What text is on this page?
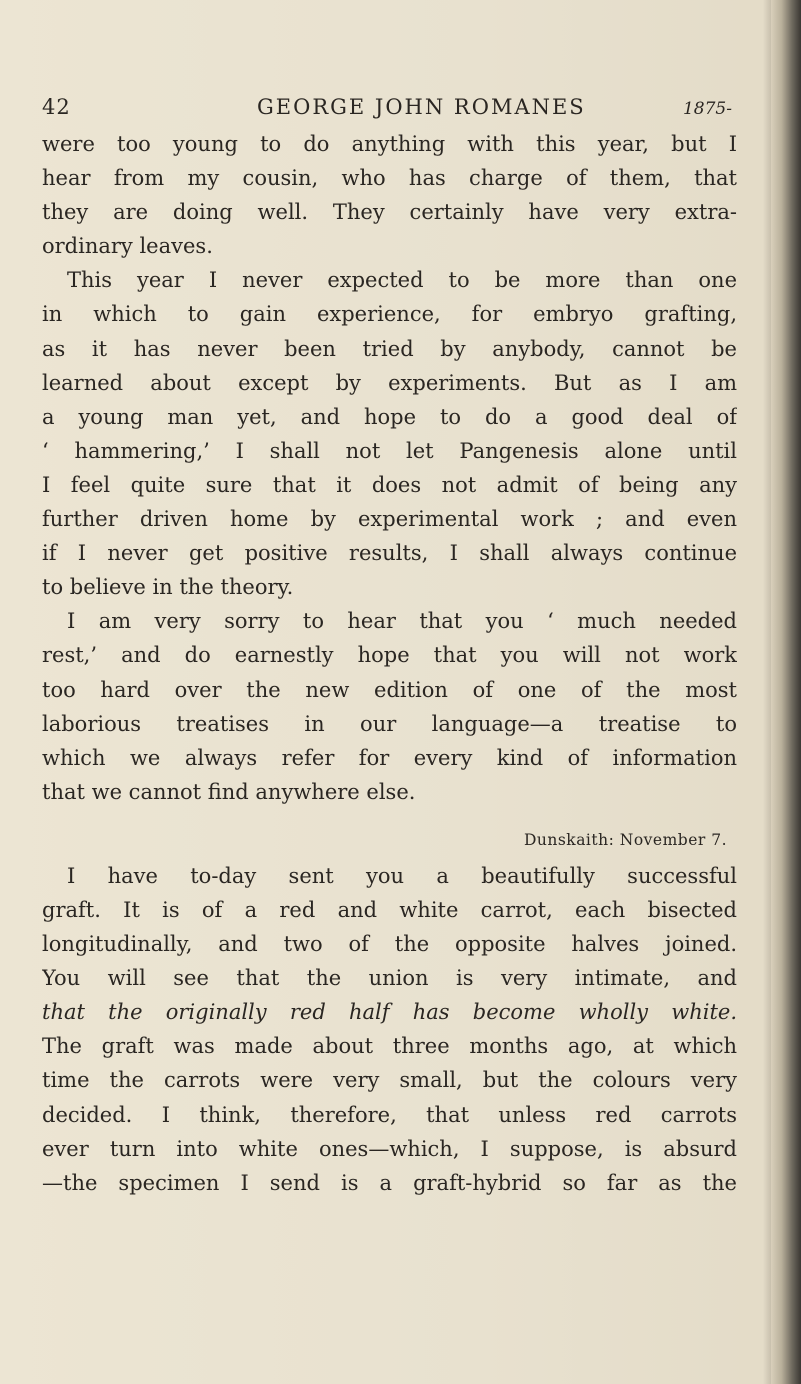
42	GEORGE JOHN ROMANES	1875-
were too young to do anything with this year, but I
hear from my cousin, who has charge of them, that
they are doing well. They certainly have very extra-
ordinary leaves.
This year I never expected to be more than one
in which to gain experience, for embryo grafting,
as it has never been tried by anybody, cannot be
learned about except by experiments. But as I am
a young man yet, and hope to do a good deal of
‘ hammering,’ I shall not let Pangenesis alone until
I feel quite sure that it does not admit of being any
further driven home by experimental work ; and even
if I never get positive results, I shall always continue
to believe in the theory.
I am very sorry to hear that you ‘ much needed
rest,’ and do earnestly hope that you will not work
too hard over the new edition of one of the most
laborious treatises in our language—a treatise to
which we always refer for every kind of information
that we cannot find anywhere else.
Dunskaith: November 7.
I have to-day sent you a beautifully successful
graft. It is of a red and white carrot, each bisected
longitudinally, and two of the opposite halves joined.
You will see that the union is very intimate, and
that the originally red half has become wholly white.
The graft was made about three months ago, at which
time the carrots were very small, but the colours very
decided. I think, therefore, that unless red carrots
ever turn into white ones—which, I suppose, is absurd
—the specimen I send is a graft-hybrid so far as the
